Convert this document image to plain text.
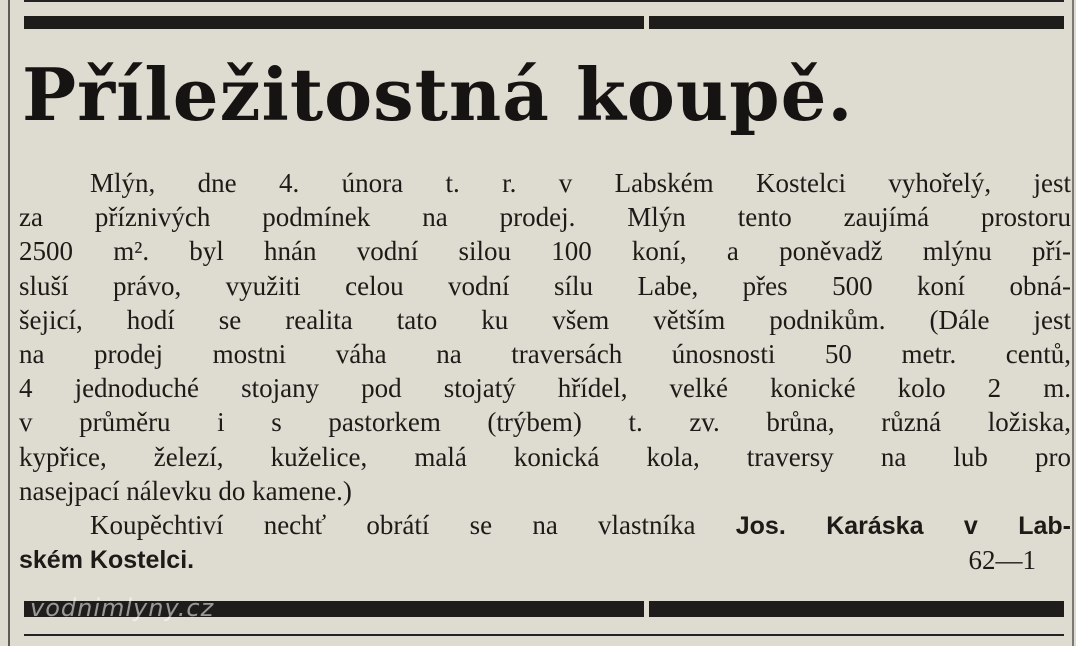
Příležitostná koupě.
Mlýn, dne 4. února t. r. v Labském Kostelci vyhořelý, jest
za příznivých podmínek na prodej. Mlýn tento zaujímá prostoru
2500 m². byl hnán vodní silou 100 koní, a poněvadž mlýnu pří-
sluší právo, využiti celou vodní sílu Labe, přes 500 koní obná-
šejicí, hodí se realita tato ku všem větším podnikům. (Dále jest
na prodej mostni váha na traversách únosnosti 50 metr. centů,
4 jednoduché stojany pod stojatý hřídel, velké konické kolo 2 m.
v průměru i s pastorkem (trýbem) t. zv. brůna, různá ložiska,
kypřice, železí, kuželice, malá konická kola, traversy na lub pro
nasejpací nálevku do kamene.)
Koupěchtiví nechť obrátí se na vlastníka Jos. Karáska v Lab-
ském Kostelci.	62—1
vodnimlyny.cz
